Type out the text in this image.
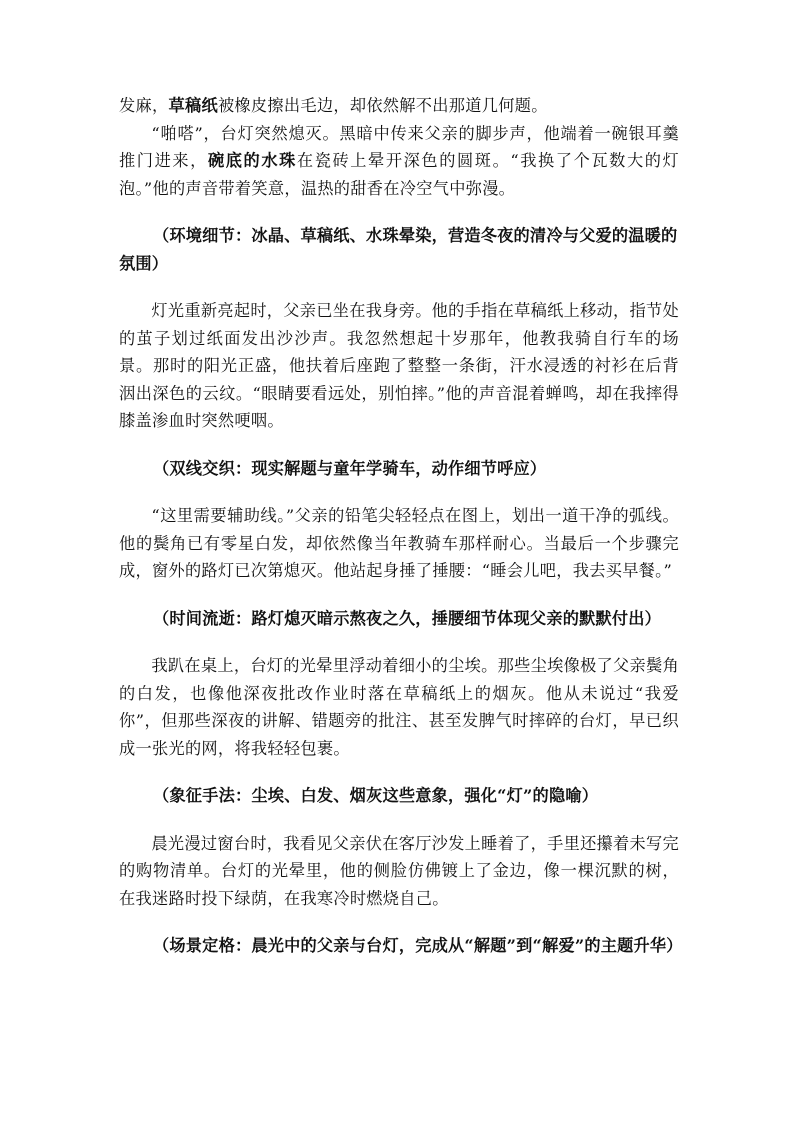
发麻，草稿纸被橡皮擦出毛边，却依然解不出那道几何题。

“啪嗒”，台灯突然熄灭。黑暗中传来父亲的脚步声，他端着一碗银耳羹推门进来，碗底的水珠在瓷砖上晕开深色的圆斑。“我换了个瓦数大的灯泡。”他的声音带着笑意，温热的甜香在冷空气中弥漫。

（环境细节：冰晶、草稿纸、水珠晕染，营造冬夜的清冷与父爱的温暖的氛围）

灯光重新亮起时，父亲已坐在我身旁。他的手指在草稿纸上移动，指节处的茧子划过纸面发出沙沙声。我忽然想起十岁那年，他教我骑自行车的场景。那时的阳光正盛，他扶着后座跑了整整一条街，汗水浸透的衬衫在后背洇出深色的云纹。“眼睛要看远处，别怕摔。”他的声音混着蝉鸣，却在我摔得膝盖渗血时突然哽咽。

（双线交织：现实解题与童年学骑车，动作细节呼应）

“这里需要辅助线。”父亲的铅笔尖轻轻点在图上，划出一道干净的弧线。他的鬓角已有零星白发，却依然像当年教骑车那样耐心。当最后一个步骤完成，窗外的路灯已次第熄灭。他站起身捶了捶腰：“睡会儿吧，我去买早餐。”

（时间流逝：路灯熄灭暗示熬夜之久，捶腰细节体现父亲的默默付出）

我趴在桌上，台灯的光晕里浮动着细小的尘埃。那些尘埃像极了父亲鬓角的白发，也像他深夜批改作业时落在草稿纸上的烟灰。他从未说过“我爱你”，但那些深夜的讲解、错题旁的批注、甚至发脾气时摔碎的台灯，早已织成一张光的网，将我轻轻包裹。

（象征手法：尘埃、白发、烟灰这些意象，强化“灯”的隐喻）

晨光漫过窗台时，我看见父亲伏在客厅沙发上睡着了，手里还攥着未写完的购物清单。台灯的光晕里，他的侧脸仿佛镀上了金边，像一棵沉默的树，在我迷路时投下绿荫，在我寒冷时燃烧自己。

（场景定格：晨光中的父亲与台灯，完成从“解题”到“解爱”的主题升华）
